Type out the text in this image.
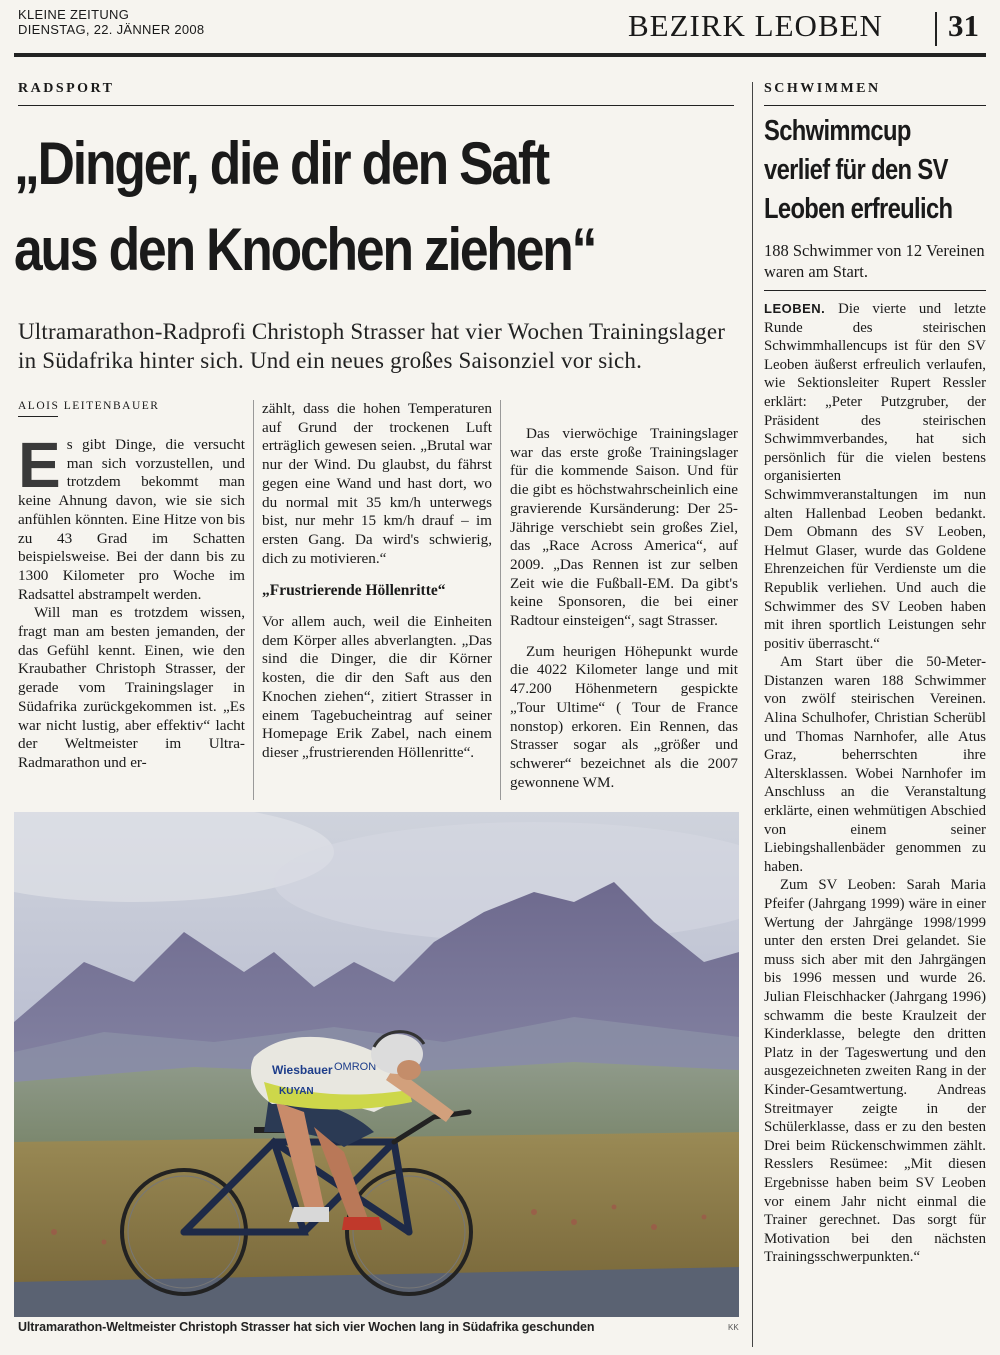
KLEINE ZEITUNG
DIENSTAG, 22. JÄNNER 2008	BEZIRK LEOBEN 31
RADSPORT
„Dinger, die dir den Saft
aus den Knochen ziehen“
Ultramarathon-Radprofi Christoph Strasser hat vier Wochen Trainingslager in Südafrika hinter sich. Und ein neues großes Saisonziel vor sich.
ALOIS LEITENBAUER

Es gibt Dinge, die versucht man sich vorzustellen, und trotzdem bekommt man keine Ahnung davon, wie sie sich anfühlen könnten. Eine Hitze von bis zu 43 Grad im Schatten beispielsweise. Bei der dann bis zu 1300 Kilometer pro Woche im Radsattel abstrampelt werden.

Will man es trotzdem wissen, fragt man am besten jemanden, der das Gefühl kennt. Einen, wie den Kraubather Christoph Strasser, der gerade vom Trainingslager in Südafrika zurückgekommen ist. „Es war nicht lustig, aber effektiv“ lacht der Weltmeister im Ultra-Radmarathon und er-

zählt, dass die hohen Temperaturen auf Grund der trockenen Luft erträglich gewesen seien. „Brutal war nur der Wind. Du glaubst, du fährst gegen eine Wand und hast dort, wo du normal mit 35 km/h unterwegs bist, nur mehr 15 km/h drauf – im ersten Gang. Da wird's schwierig, dich zu motivieren.“

„Frustrierende Höllenritte“

Vor allem auch, weil die Einheiten dem Körper alles abverlangten. „Das sind die Dinger, die dir Körner kosten, die dir den Saft aus den Knochen ziehen“, zitiert Strasser in einem Tagebucheintrag auf seiner Homepage Erik Zabel, nach einem dieser „frustrierenden Höllenritte“.

Das vierwöchige Trainingslager war das erste große Trainingslager für die kommende Saison. Und für die gibt es höchstwahrscheinlich eine gravierende Kursänderung: Der 25-Jährige verschiebt sein großes Ziel, das „Race Across America“, auf 2009. „Das Rennen ist zur selben Zeit wie die Fußball-EM. Da gibt's keine Sponsoren, die bei einer Radtour einsteigen“, sagt Strasser.

Zum heurigen Höhepunkt wurde die 4022 Kilometer lange und mit 47.200 Höhenmetern gespickte „Tour Ultime“ ( Tour de France nonstop) erkoren. Ein Rennen, das Strasser sogar als „größer und schwerer“ bezeichnet als die 2007 gewonnene WM.

Wiesbauer OMRON
KUYAN
Ultramarathon-Weltmeister Christoph Strasser hat sich vier Wochen lang in Südafrika geschunden	KK
SCHWIMMEN
Schwimmcup
verlief für den SV
Leoben erfreulich
188 Schwimmer von 12 Vereinen waren am Start.

LEOBEN. Die vierte und letzte Runde des steirischen Schwimmhallencups ist für den SV Leoben äußerst erfreulich verlaufen, wie Sektionsleiter Rupert Ressler erklärt: „Peter Putzgruber, der Präsident des steirischen Schwimmverbandes, hat sich persönlich für die vielen bestens organisierten Schwimmveranstaltungen im nun alten Hallenbad Leoben bedankt. Dem Obmann des SV Leoben, Helmut Glaser, wurde das Goldene Ehrenzeichen für Verdienste um die Republik verliehen. Und auch die Schwimmer des SV Leoben haben mit ihren sportlich Leistungen sehr positiv überrascht.“

Am Start über die 50-Meter-Distanzen waren 188 Schwimmer von zwölf steirischen Vereinen. Alina Schulhofer, Christian Scherübl und Thomas Narnhofer, alle Atus Graz, beherrschten ihre Altersklassen. Wobei Narnhofer im Anschluss an die Veranstaltung erklärte, einen wehmütigen Abschied von einem seiner Liebingshallenbäder genommen zu haben.

Zum SV Leoben: Sarah Maria Pfeifer (Jahrgang 1999) wäre in einer Wertung der Jahrgänge 1998/1999 unter den ersten Drei gelandet. Sie muss sich aber mit den Jahrgängen bis 1996 messen und wurde 26. Julian Fleischhacker (Jahrgang 1996) schwamm die beste Kraulzeit der Kinderklasse, belegte den dritten Platz in der Tageswertung und den ausgezeichneten zweiten Rang in der Kinder-Gesamtwertung. Andreas Streitmayer zeigte in der Schülerklasse, dass er zu den besten Drei beim Rückenschwimmen zählt. Resslers Resümee: „Mit diesen Ergebnisse haben beim SV Leoben vor einem Jahr nicht einmal die Trainer gerechnet. Das sorgt für Motivation bei den nächsten Trainingsschwerpunkten.“
